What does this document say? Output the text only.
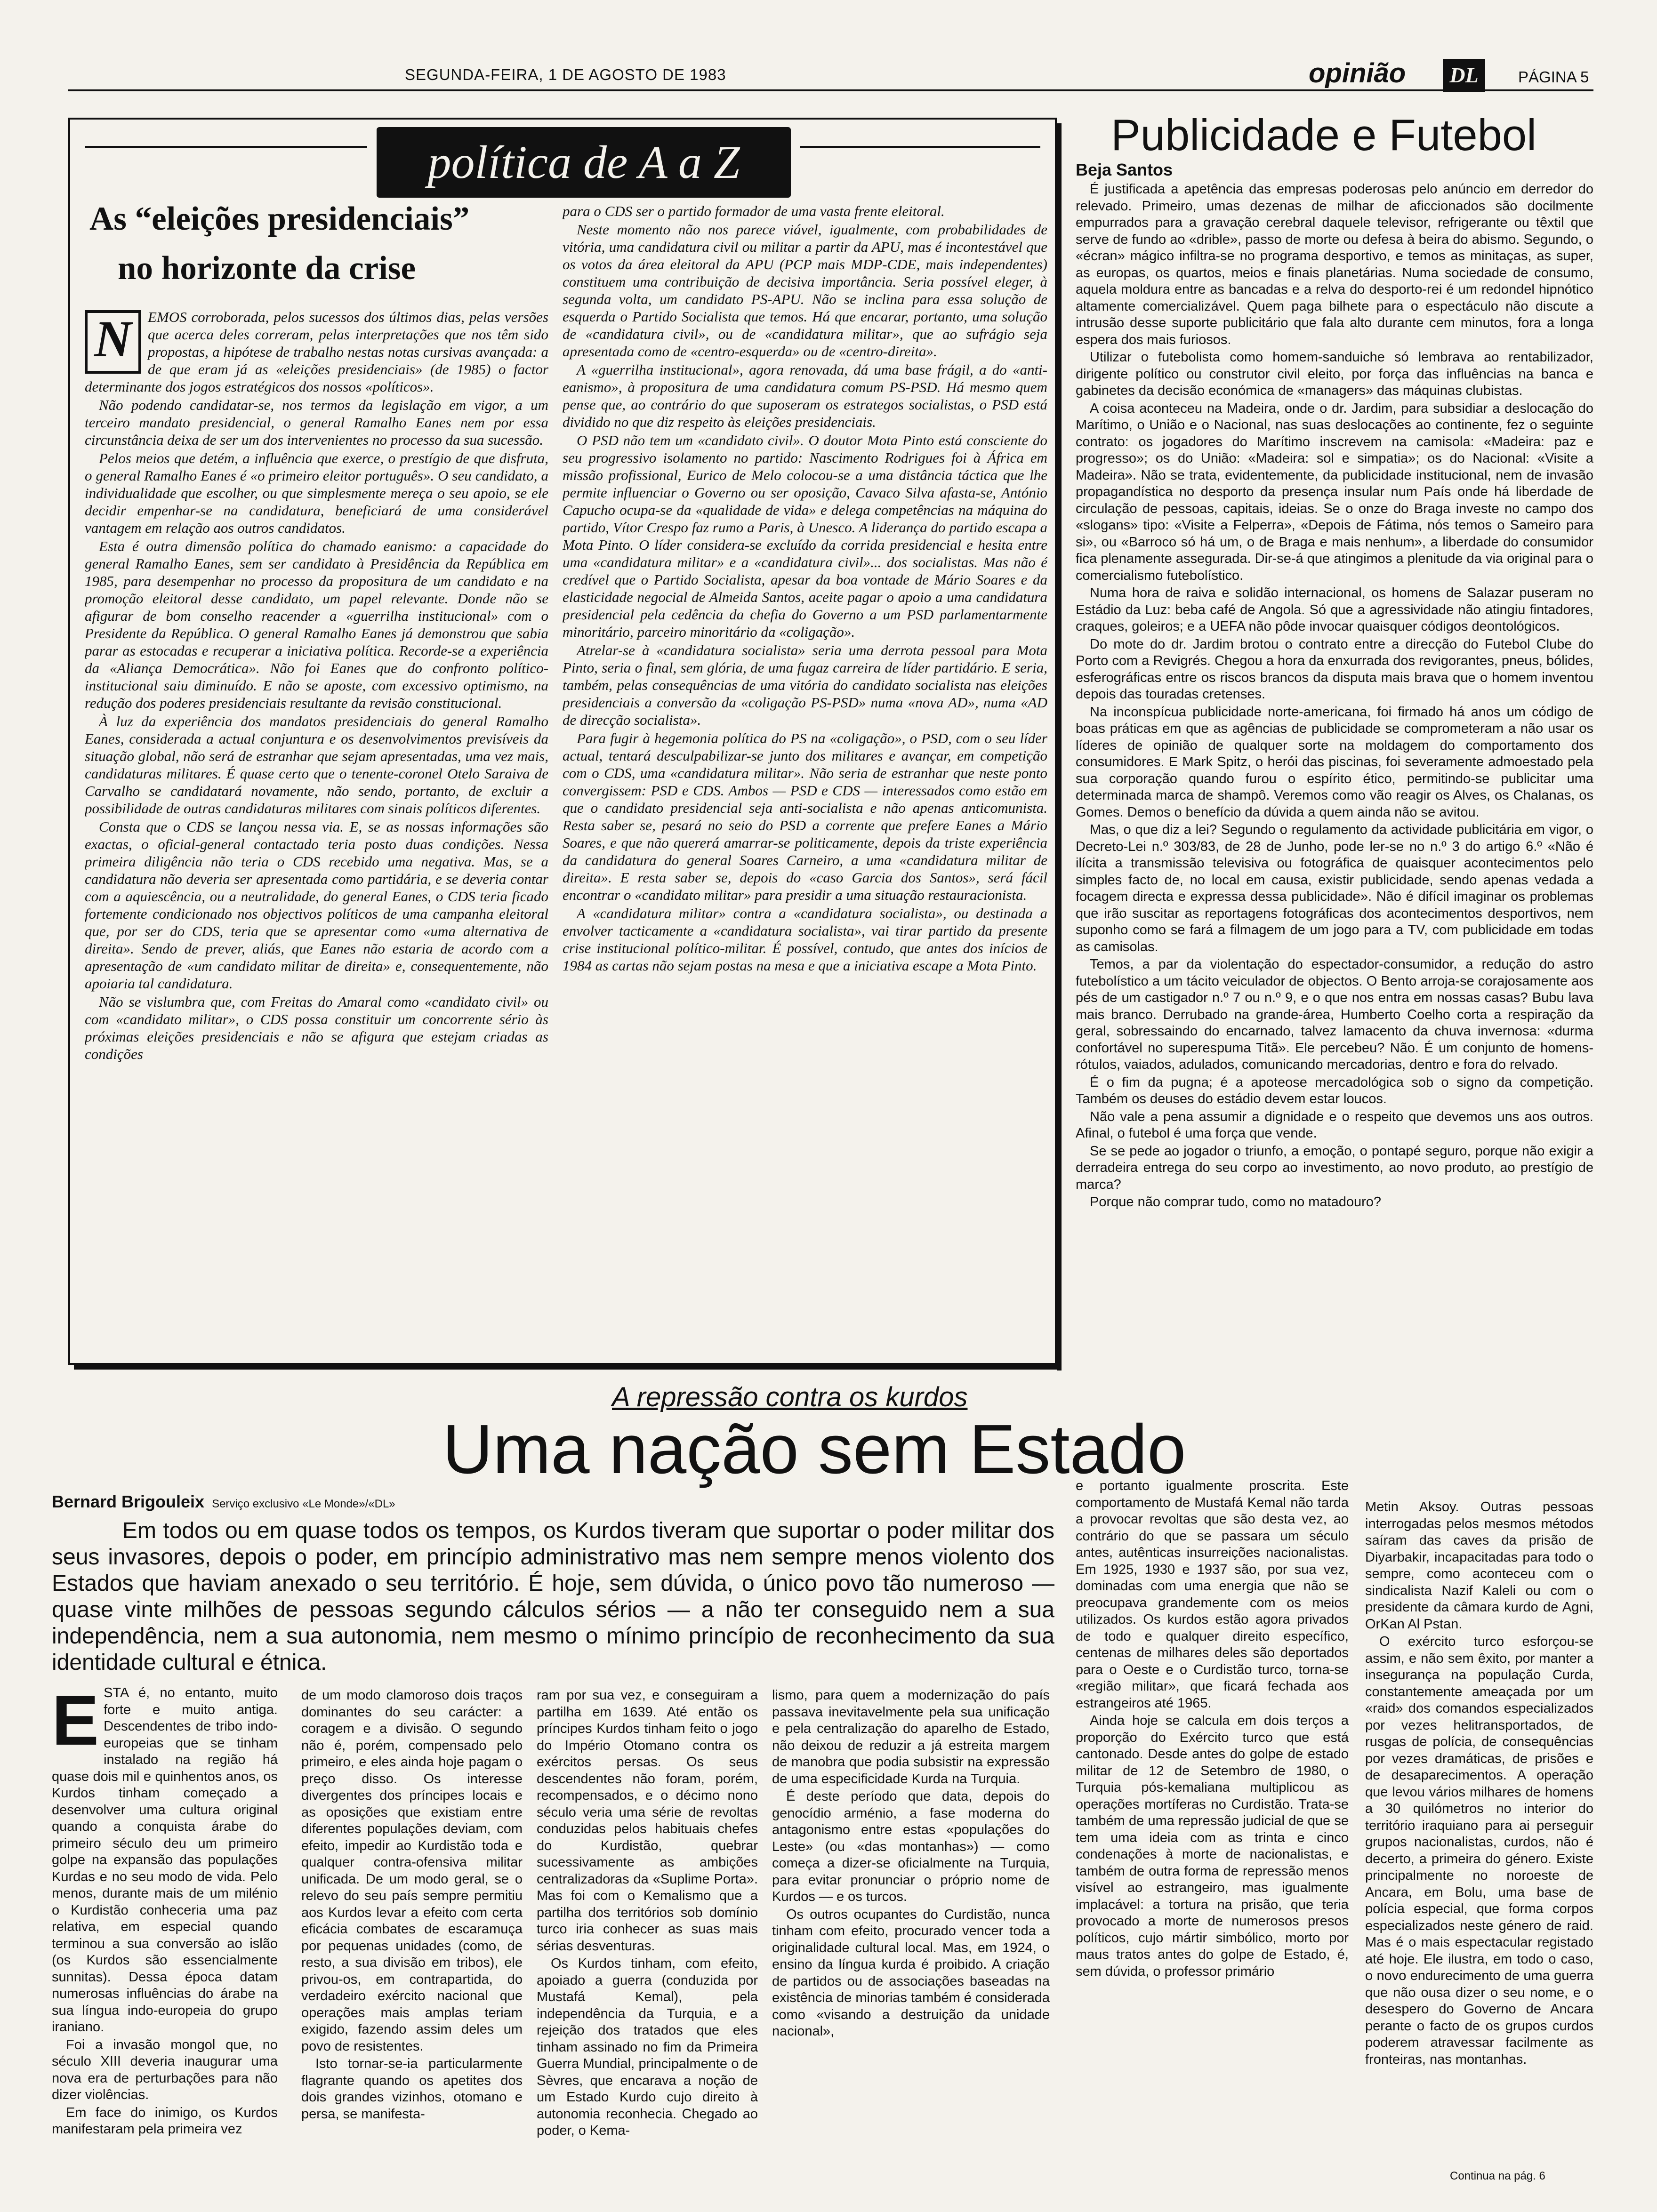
SEGUNDA-FEIRA, 1 DE AGOSTO DE 1983	opinião	DL	PÁGINA 5
política de A a Z
As “eleições presidenciais”
no horizonte da crise
N	EMOS corroborada, pelos sucessos dos últimos dias, pelas versões que acerca deles correram, pelas interpretações que nos têm sido propostas, a hipótese de trabalho nestas notas cursivas avançada: a de que eram já as «eleições presidenciais» (de 1985) o factor determinante dos jogos estratégicos dos nossos «políticos».

Não podendo candidatar-se, nos termos da legislação em vigor, a um terceiro mandato presidencial, o general Ramalho Eanes nem por essa circunstância deixa de ser um dos intervenientes no processo da sua sucessão.

Pelos meios que detém, a influência que exerce, o prestígio de que disfruta, o general Ramalho Eanes é «o primeiro eleitor português». O seu candidato, a individualidade que escolher, ou que simplesmente mereça o seu apoio, se ele decidir empenhar-se na candidatura, beneficiará de uma considerável vantagem em relação aos outros candidatos.

Esta é outra dimensão política do chamado eanismo: a capacidade do general Ramalho Eanes, sem ser candidato à Presidência da República em 1985, para desempenhar no processo da propositura de um candidato e na promoção eleitoral desse candidato, um papel relevante. Donde não se afigurar de bom conselho reacender a «guerrilha institucional» com o Presidente da República. O general Ramalho Eanes já demonstrou que sabia parar as estocadas e recuperar a iniciativa política. Recorde-se a experiência da «Aliança Democrática». Não foi Eanes que do confronto político-institucional saiu diminuído. E não se aposte, com excessivo optimismo, na redução dos poderes presidenciais resultante da revisão constitucional.

À luz da experiência dos mandatos presidenciais do general Ramalho Eanes, considerada a actual conjuntura e os desenvolvimentos previsíveis da situação global, não será de estranhar que sejam apresentadas, uma vez mais, candidaturas militares. É quase certo que o tenente-coronel Otelo Saraiva de Carvalho se candidatará novamente, não sendo, portanto, de excluir a possibilidade de outras candidaturas militares com sinais políticos diferentes.

Consta que o CDS se lançou nessa via. E, se as nossas informações são exactas, o oficial-general contactado teria posto duas condições. Nessa primeira diligência não teria o CDS recebido uma negativa. Mas, se a candidatura não deveria ser apresentada como partidária, e se deveria contar com a aquiescência, ou a neutralidade, do general Eanes, o CDS teria ficado fortemente condicionado nos objectivos políticos de uma campanha eleitoral que, por ser do CDS, teria que se apresentar como «uma alternativa de direita». Sendo de prever, aliás, que Eanes não estaria de acordo com a apresentação de «um candidato militar de direita» e, consequentemente, não apoiaria tal candidatura.

Não se vislumbra que, com Freitas do Amaral como «candidato civil» ou com «candidato militar», o CDS possa constituir um concorrente sério às próximas eleições presidenciais e não se afigura que estejam criadas as condições

para o CDS ser o partido formador de uma vasta frente eleitoral.

Neste momento não nos parece viável, igualmente, com probabilidades de vitória, uma candidatura civil ou militar a partir da APU, mas é incontestável que os votos da área eleitoral da APU (PCP mais MDP-CDE, mais independentes) constituem uma contribuição de decisiva importância. Seria possível eleger, à segunda volta, um candidato PS-APU. Não se inclina para essa solução de esquerda o Partido Socialista que temos. Há que encarar, portanto, uma solução de «candidatura civil», ou de «candidatura militar», que ao sufrágio seja apresentada como de «centro-esquerda» ou de «centro-direita».

A «guerrilha institucional», agora renovada, dá uma base frágil, a do «anti-eanismo», à propositura de uma candidatura comum PS-PSD. Há mesmo quem pense que, ao contrário do que suposeram os estrategos socialistas, o PSD está dividido no que diz respeito às eleições presidenciais.

O PSD não tem um «candidato civil». O doutor Mota Pinto está consciente do seu progressivo isolamento no partido: Nascimento Rodrigues foi à África em missão profissional, Eurico de Melo colocou-se a uma distância táctica que lhe permite influenciar o Governo ou ser oposição, Cavaco Silva afasta-se, António Capucho ocupa-se da «qualidade de vida» e delega competências na máquina do partido, Vítor Crespo faz rumo a Paris, à Unesco. A liderança do partido escapa a Mota Pinto. O líder considera-se excluído da corrida presidencial e hesita entre uma «candidatura militar» e a «candidatura civil»... dos socialistas. Mas não é credível que o Partido Socialista, apesar da boa vontade de Mário Soares e da elasticidade negocial de Almeida Santos, aceite pagar o apoio a uma candidatura presidencial pela cedência da chefia do Governo a um PSD parlamentarmente minoritário, parceiro minoritário da «coligação».

Atrelar-se à «candidatura socialista» seria uma derrota pessoal para Mota Pinto, seria o final, sem glória, de uma fugaz carreira de líder partidário. E seria, também, pelas consequências de uma vitória do candidato socialista nas eleições presidenciais a conversão da «coligação PS-PSD» numa «nova AD», numa «AD de direcção socialista».

Para fugir à hegemonia política do PS na «coligação», o PSD, com o seu líder actual, tentará desculpabilizar-se junto dos militares e avançar, em competição com o CDS, uma «candidatura militar». Não seria de estranhar que neste ponto convergissem: PSD e CDS. Ambos — PSD e CDS — interessados como estão em que o candidato presidencial seja anti-socialista e não apenas anticomunista. Resta saber se, pesará no seio do PSD a corrente que prefere Eanes a Mário Soares, e que não quererá amarrar-se politicamente, depois da triste experiência da candidatura do general Soares Carneiro, a uma «candidatura militar de direita». E resta saber se, depois do «caso Garcia dos Santos», será fácil encontrar o «candidato militar» para presidir a uma situação restauracionista.

A «candidatura militar» contra a «candidatura socialista», ou destinada a envolver tacticamente a «candidatura socialista», vai tirar partido da presente crise institucional político-militar. É possível, contudo, que antes dos inícios de 1984 as cartas não sejam postas na mesa e que a iniciativa escape a Mota Pinto.

Publicidade e Futebol
Beja Santos

É justificada a apetência das empresas poderosas pelo anúncio em derredor do relevado. Primeiro, umas dezenas de milhar de aficcionados são docilmente empurrados para a gravação cerebral daquele televisor, refrigerante ou têxtil que serve de fundo ao «drible», passo de morte ou defesa à beira do abismo. Segundo, o «écran» mágico infiltra-se no programa desportivo, e temos as minitaças, as super, as europas, os quartos, meios e finais planetárias. Numa sociedade de consumo, aquela moldura entre as bancadas e a relva do desporto-rei é um redondel hipnótico altamente comercializável. Quem paga bilhete para o espectáculo não discute a intrusão desse suporte publicitário que fala alto durante cem minutos, fora a longa espera dos mais furiosos.

Utilizar o futebolista como homem-sanduiche só lembrava ao rentabilizador, dirigente político ou construtor civil eleito, por força das influências na banca e gabinetes da decisão económica de «managers» das máquinas clubistas.

A coisa aconteceu na Madeira, onde o dr. Jardim, para subsidiar a deslocação do Marítimo, o União e o Nacional, nas suas deslocações ao continente, fez o seguinte contrato: os jogadores do Marítimo inscrevem na camisola: «Madeira: paz e progresso»; os do União: «Madeira: sol e simpatia»; os do Nacional: «Visite a Madeira». Não se trata, evidentemente, da publicidade institucional, nem de invasão propagandística no desporto da presença insular num País onde há liberdade de circulação de pessoas, capitais, ideias. Se o onze do Braga investe no campo dos «slogans» tipo: «Visite a Felperra», «Depois de Fátima, nós temos o Sameiro para si», ou «Barroco só há um, o de Braga e mais nenhum», a liberdade do consumidor fica plenamente assegurada. Dir-se-á que atingimos a plenitude da via original para o comercialismo futebolístico.

Numa hora de raiva e solidão internacional, os homens de Salazar puseram no Estádio da Luz: beba café de Angola. Só que a agressividade não atingiu fintadores, craques, goleiros; e a UEFA não pôde invocar quaisquer códigos deontológicos.

Do mote do dr. Jardim brotou o contrato entre a direcção do Futebol Clube do Porto com a Revigrés. Chegou a hora da enxurrada dos revigorantes, pneus, bólides, esferográficas entre os riscos brancos da disputa mais brava que o homem inventou depois das touradas cretenses.

Na inconspícua publicidade norte-americana, foi firmado há anos um código de boas práticas em que as agências de publicidade se comprometeram a não usar os líderes de opinião de qualquer sorte na moldagem do comportamento dos consumidores. E Mark Spitz, o herói das piscinas, foi severamente admoestado pela sua corporação quando furou o espírito ético, permitindo-se publicitar uma determinada marca de shampô. Veremos como vão reagir os Alves, os Chalanas, os Gomes. Demos o benefício da dúvida a quem ainda não se avitou.

Mas, o que diz a lei? Segundo o regulamento da actividade publicitária em vigor, o Decreto-Lei n.º 303/83, de 28 de Junho, pode ler-se no n.º 3 do artigo 6.º «Não é ilícita a transmissão televisiva ou fotográfica de quaisquer acontecimentos pelo simples facto de, no local em causa, existir publicidade, sendo apenas vedada a focagem directa e expressa dessa publicidade». Não é difícil imaginar os problemas que irão suscitar as reportagens fotográficas dos acontecimentos desportivos, nem suponho como se fará a filmagem de um jogo para a TV, com publicidade em todas as camisolas.

Temos, a par da violentação do espectador-consumidor, a redução do astro futebolístico a um tácito veiculador de objectos. O Bento arroja-se corajosamente aos pés de um castigador n.º 7 ou n.º 9, e o que nos entra em nossas casas? Bubu lava mais branco. Derrubado na grande-área, Humberto Coelho corta a respiração da geral, sobressaindo do encarnado, talvez lamacento da chuva invernosa: «durma confortável no superespuma Titã». Ele percebeu? Não. É um conjunto de homens-rótulos, vaiados, adulados, comunicando mercadorias, dentro e fora do relvado.

É o fim da pugna; é a apoteose mercadológica sob o signo da competição. Também os deuses do estádio devem estar loucos.

Não vale a pena assumir a dignidade e o respeito que devemos uns aos outros. Afinal, o futebol é uma força que vende.

Se se pede ao jogador o triunfo, a emoção, o pontapé seguro, porque não exigir a derradeira entrega do seu corpo ao investimento, ao novo produto, ao prestígio de marca?

Porque não comprar tudo, como no matadouro?

A repressão contra os kurdos
Uma nação sem Estado
Bernard Brigouleix Serviço exclusivo «Le Monde»/«DL»
Em todos ou em quase todos os tempos, os Kurdos tiveram que suportar o poder militar dos seus invasores, depois o poder, em princípio administrativo mas nem sempre menos violento dos Estados que haviam anexado o seu território. É hoje, sem dúvida, o único povo tão numeroso — quase vinte milhões de pessoas segundo cálculos sérios — a não ter conseguido nem a sua independência, nem a sua autonomia, nem mesmo o mínimo princípio de reconhecimento da sua identidade cultural e étnica.
E STA é, no entanto, muito forte e muito antiga. Descendentes de tribo indo-europeias que se tinham instalado na região há quase dois mil e quinhentos anos, os Kurdos tinham começado a desenvolver uma cultura original quando a conquista árabe do primeiro século deu um primeiro golpe na expansão das populações Kurdas e no seu modo de vida. Pelo menos, durante mais de um milénio o Kurdistão conheceria uma paz relativa, em especial quando terminou a sua conversão ao islão (os Kurdos são essencialmente sunnitas). Dessa época datam numerosas influências do árabe na sua língua indo-europeia do grupo iraniano.

Foi a invasão mongol que, no século XIII deveria inaugurar uma nova era de perturbações para não dizer violências.

Em face do inimigo, os Kurdos manifestaram pela primeira vez

de um modo clamoroso dois traços dominantes do seu carácter: a coragem e a divisão. O segundo não é, porém, compensado pelo primeiro, e eles ainda hoje pagam o preço disso. Os interesse divergentes dos príncipes locais e as oposições que existiam entre diferentes populações deviam, com efeito, impedir ao Kurdistão toda e qualquer contra-ofensiva militar unificada. De um modo geral, se o relevo do seu país sempre permitiu aos Kurdos levar a efeito com certa eficácia combates de escaramuça por pequenas unidades (como, de resto, a sua divisão em tribos), ele privou-os, em contrapartida, do verdadeiro exército nacional que operações mais amplas teriam exigido, fazendo assim deles um povo de resistentes.

Isto tornar-se-ia particularmente flagrante quando os apetites dos dois grandes vizinhos, otomano e persa, se manifesta-

ram por sua vez, e conseguiram a partilha em 1639. Até então os príncipes Kurdos tinham feito o jogo do Império Otomano contra os exércitos persas. Os seus descendentes não foram, porém, recompensados, e o décimo nono século veria uma série de revoltas conduzidas pelos habituais chefes do Kurdistão, quebrar sucessivamente as ambições centralizadoras da «Suplime Porta». Mas foi com o Kemalismo que a partilha dos territórios sob domínio turco iria conhecer as suas mais sérias desventuras.

Os Kurdos tinham, com efeito, apoiado a guerra (conduzida por Mustafá Kemal), pela independência da Turquia, e a rejeição dos tratados que eles tinham assinado no fim da Primeira Guerra Mundial, principalmente o de Sèvres, que encarava a noção de um Estado Kurdo cujo direito à autonomia reconhecia. Chegado ao poder, o Kema-

lismo, para quem a modernização do país passava inevitavelmente pela sua unificação e pela centralização do aparelho de Estado, não deixou de reduzir a já estreita margem de manobra que podia subsistir na expressão de uma especificidade Kurda na Turquia.

É deste período que data, depois do genocídio arménio, a fase moderna do antagonismo entre estas «populações do Leste» (ou «das montanhas») — como começa a dizer-se oficialmente na Turquia, para evitar pronunciar o próprio nome de Kurdos — e os turcos.

Os outros ocupantes do Curdistão, nunca tinham com efeito, procurado vencer toda a originalidade cultural local. Mas, em 1924, o ensino da língua kurda é proibido. A criação de partidos ou de associações baseadas na existência de minorias também é considerada como «visando a destruição da unidade nacional»,

e portanto igualmente proscrita. Este comportamento de Mustafá Kemal não tarda a provocar revoltas que são desta vez, ao contrário do que se passara um século antes, autênticas insurreições nacionalistas. Em 1925, 1930 e 1937 são, por sua vez, dominadas com uma energia que não se preocupava grandemente com os meios utilizados. Os kurdos estão agora privados de todo e qualquer direito específico, centenas de milhares deles são deportados para o Oeste e o Curdistão turco, torna-se «região militar», que ficará fechada aos estrangeiros até 1965.

Ainda hoje se calcula em dois terços a proporção do Exército turco que está cantonado. Desde antes do golpe de estado militar de 12 de Setembro de 1980, o Turquia pós-kemaliana multiplicou as operações mortíferas no Curdistão. Trata-se também de uma repressão judicial de que se tem uma ideia com as trinta e cinco condenações à morte de nacionalistas, e também de outra forma de repressão menos visível ao estrangeiro, mas igualmente implacável: a tortura na prisão, que teria provocado a morte de numerosos presos políticos, cujo mártir simbólico, morto por maus tratos antes do golpe de Estado, é, sem dúvida, o professor primário

Metin Aksoy. Outras pessoas interrogadas pelos mesmos métodos saíram das caves da prisão de Diyarbakir, incapacitadas para todo o sempre, como aconteceu com o sindicalista Nazif Kaleli ou com o presidente da câmara kurdo de Agni, OrKan Al Pstan.

O exército turco esforçou-se assim, e não sem êxito, por manter a insegurança na população Curda, constantemente ameaçada por um «raid» dos comandos especializados por vezes helitransportados, de rusgas de polícia, de consequências por vezes dramáticas, de prisões e de desaparecimentos. A operação que levou vários milhares de homens a 30 quilómetros no interior do território iraquiano para ai perseguir grupos nacionalistas, curdos, não é decerto, a primeira do género. Existe principalmente no noroeste de Ancara, em Bolu, uma base de polícia especial, que forma corpos especializados neste género de raid. Mas é o mais espectacular registado até hoje. Ele ilustra, em todo o caso, o novo endurecimento de uma guerra que não ousa dizer o seu nome, e o desespero do Governo de Ancara perante o facto de os grupos curdos poderem atravessar facilmente as fronteiras, nas montanhas.

Continua na pág. 6
